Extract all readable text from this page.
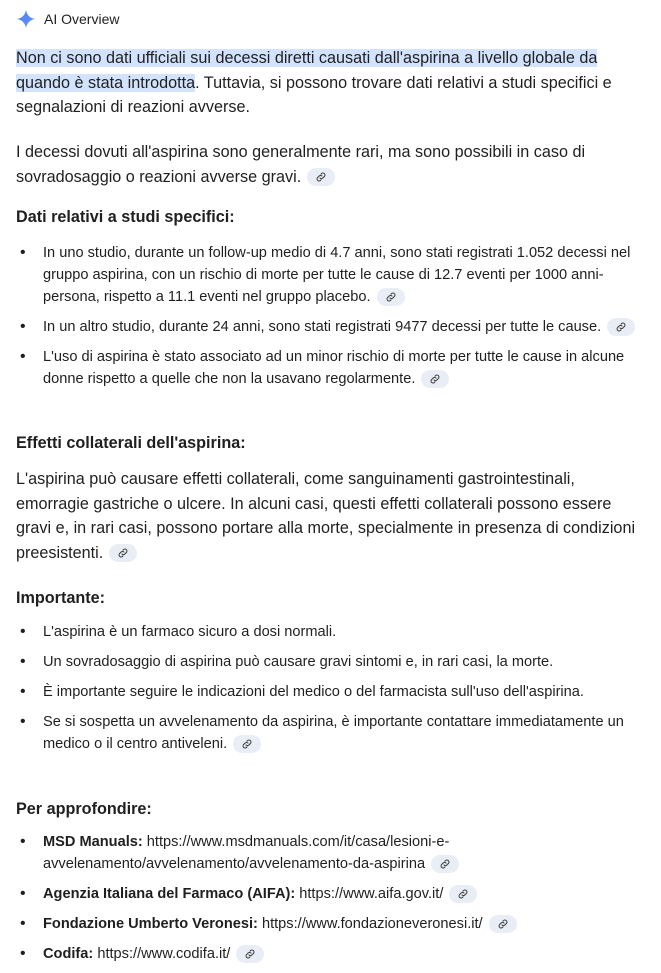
AI Overview
Non ci sono dati ufficiali sui decessi diretti causati dall'aspirina a livello globale da quando è stata introdotta. Tuttavia, si possono trovare dati relativi a studi specifici e segnalazioni di reazioni avverse.
I decessi dovuti all'aspirina sono generalmente rari, ma sono possibili in caso di sovradosaggio o reazioni avverse gravi.
Dati relativi a studi specifici:
• In uno studio, durante un follow-up medio di 4.7 anni, sono stati registrati 1.052 decessi nel gruppo aspirina, con un rischio di morte per tutte le cause di 12.7 eventi per 1000 anni-persona, rispetto a 11.1 eventi nel gruppo placebo.
• In un altro studio, durante 24 anni, sono stati registrati 9477 decessi per tutte le cause.
• L'uso di aspirina è stato associato ad un minor rischio di morte per tutte le cause in alcune donne rispetto a quelle che non la usavano regolarmente.
Effetti collaterali dell'aspirina:
L'aspirina può causare effetti collaterali, come sanguinamenti gastrointestinali, emorragie gastriche o ulcere. In alcuni casi, questi effetti collaterali possono essere gravi e, in rari casi, possono portare alla morte, specialmente in presenza di condizioni preesistenti.
Importante:
• L'aspirina è un farmaco sicuro a dosi normali.
• Un sovradosaggio di aspirina può causare gravi sintomi e, in rari casi, la morte.
• È importante seguire le indicazioni del medico o del farmacista sull'uso dell'aspirina.
• Se si sospetta un avvelenamento da aspirina, è importante contattare immediatamente un medico o il centro antiveleni.
Per approfondire:
• MSD Manuals: https://www.msdmanuals.com/it/casa/lesioni-e-avvelenamento/avvelenamento/avvelenamento-da-aspirina
• Agenzia Italiana del Farmaco (AIFA): https://www.aifa.gov.it/
• Fondazione Umberto Veronesi: https://www.fondazioneveronesi.it/
• Codifa: https://www.codifa.it/
